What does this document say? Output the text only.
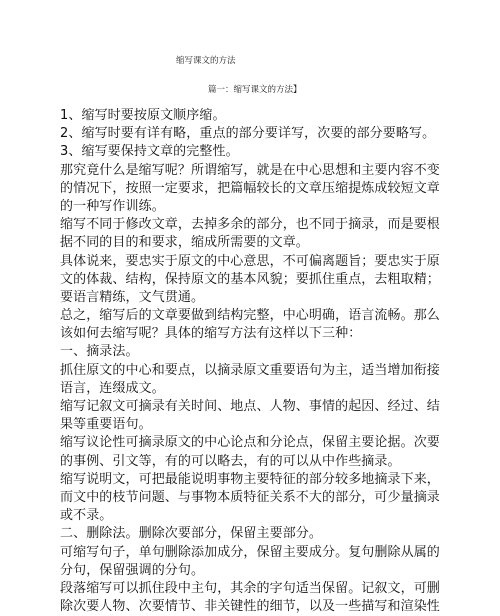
缩写课文的方法
篇一：缩写课文的方法】
1、缩写时要按原文顺序缩。
2、缩写时要有详有略，重点的部分要详写，次要的部分要略写。
3、缩写要保持文章的完整性。
那究竟什么是缩写呢？所谓缩写，就是在中心思想和主要内容不变
的情况下，按照一定要求，把篇幅较长的文章压缩提炼成较短文章
的一种写作训练。
缩写不同于修改文章，去掉多余的部分，也不同于摘录，而是要根
据不同的目的和要求，缩成所需要的文章。
具体说来，要忠实于原文的中心意思，不可偏离题旨；要忠实于原
文的体裁、结构，保持原文的基本风貌；要抓住重点，去粗取精；
要语言精练，文气贯通。
总之，缩写后的文章要做到结构完整，中心明确，语言流畅。那么
该如何去缩写呢？具体的缩写方法有这样以下三种：
一、摘录法。
抓住原文的中心和要点，以摘录原文重要语句为主，适当增加衔接
语言，连缀成文。
缩写记叙文可摘录有关时间、地点、人物、事情的起因、经过、结
果等重要语句。
缩写议论性可摘录原文的中心论点和分论点，保留主要论据。次要
的事例、引文等，有的可以略去，有的可以从中作些摘录。
缩写说明文，可把最能说明事物主要特征的部分较多地摘录下来，
而文中的枝节问题、与事物本质特征关系不大的部分，可少量摘录
或不录。
二、删除法。删除次要部分，保留主要部分。
可缩写句子，单句删除添加成分，保留主要成分。复句删除从属的
分句，保留强调的分句。
段落缩写可以抓住段中主句，其余的字句适当保留。记叙文，可删
除次要人物、次要情节、非关键性的细节，以及一些描写和渲染性
